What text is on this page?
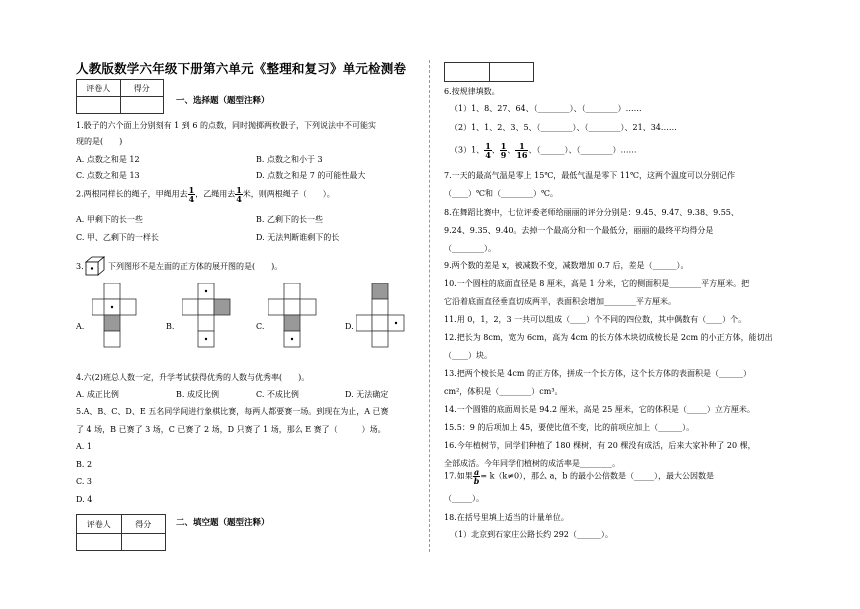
人教版数学六年级下册第六单元《整理和复习》单元检测卷
评卷人	得分

一、选择题（题型注释）
1.骰子的六个面上分别刻有 1 到 6 的点数，同时抛掷两枚骰子，下列说法中不可能实
现的是(　　)
A. 点数之和是 12	B. 点数之和小于 3
C. 点数之和是 13	D. 点数之和是 7 的可能性最大
2.两根同样长的绳子，甲绳用去 $\frac{1}{4}$ ，乙绳用去 $\frac{1}{4}$ 米，则两根绳子（　　）。
A. 甲剩下的长一些	B. 乙剩下的长一些
C. 甲、乙剩下的一样长	D. 无法判断谁剩下的长
3.	下列图形不是左面的正方体的展开图的是(　　)。
A.	B.	C.	D.
4.六(2)班总人数一定，升学考试获得优秀的人数与优秀率(　　)。
A. 成正比例	B. 成反比例	C. 不成比例	D. 无法确定
5.A、B、C、D、E 五名同学间进行象棋比赛，每两人都要赛一场。到现在为止，A 已赛
了 4 场，B 已赛了 3 场，C 已赛了 2 场，D 只赛了 1 场，那么 E 赛了（　　　）场。
A. 1
B. 2
C. 3
D. 4
评卷人	得分
		二、填空题（题型注释）

6.按规律填数。
（1）1、8、27、64、（________）、（________）……
（2）1、1、2、3、5、（________）、（________）、21、34……
（3）1、 $\frac{1}{4}$ 、 $\frac{1}{9}$ 、 $\frac{1}{16}$ 、（______）、（________）……
7.一天的最高气温是零上 15℃，最低气温是零下 11℃，这两个温度可以分别记作
（____）℃和（________）℃。
8.在舞蹈比赛中，七位评委老师给丽丽的评分分别是：9.45、9.47、9.38、9.55、
9.24、9.35、9.40。去掉一个最高分和一个最低分，丽丽的最终平均得分是
（________）。
9.两个数的差是 x，被减数不变，减数增加 0.7 后，差是（______）。
10.一个圆柱的底面直径是 8 厘米，高是 1 分米，它的侧面积是________平方厘米。把
它沿着底面直径垂直切成两半，表面积会增加________平方厘米。
11.用 0，1，2，3 一共可以组成（____）个不同的四位数，其中偶数有（____）个。
12.把长为 8cm，宽为 6cm，高为 4cm 的长方体木块切成棱长是 2cm 的小正方体，能切出
（____）块。
13.把两个棱长是 4cm 的正方体，拼成一个长方体，这个长方体的表面积是（______）
cm²，体积是（________）cm³。
14.一个圆锥的底面周长是 94.2 厘米，高是 25 厘米，它的体积是（_____）立方厘米。
15.5：9 的后项加上 45，要使比值不变，比的前项应加上（______）。
16.今年植树节，同学们种植了 180 棵树，有 20 棵没有成活，后来大家补种了 20 棵，
全部成活。今年同学们植树的成活率是________。
17.如果 $\frac{a}{b} = k(k\ne 0)$，那么 a，b 的最小公倍数是（_____），最大公因数是
（_____）。
18.在括号里填上适当的计量单位。
（1）北京到石家庄公路长约 292（______）。
